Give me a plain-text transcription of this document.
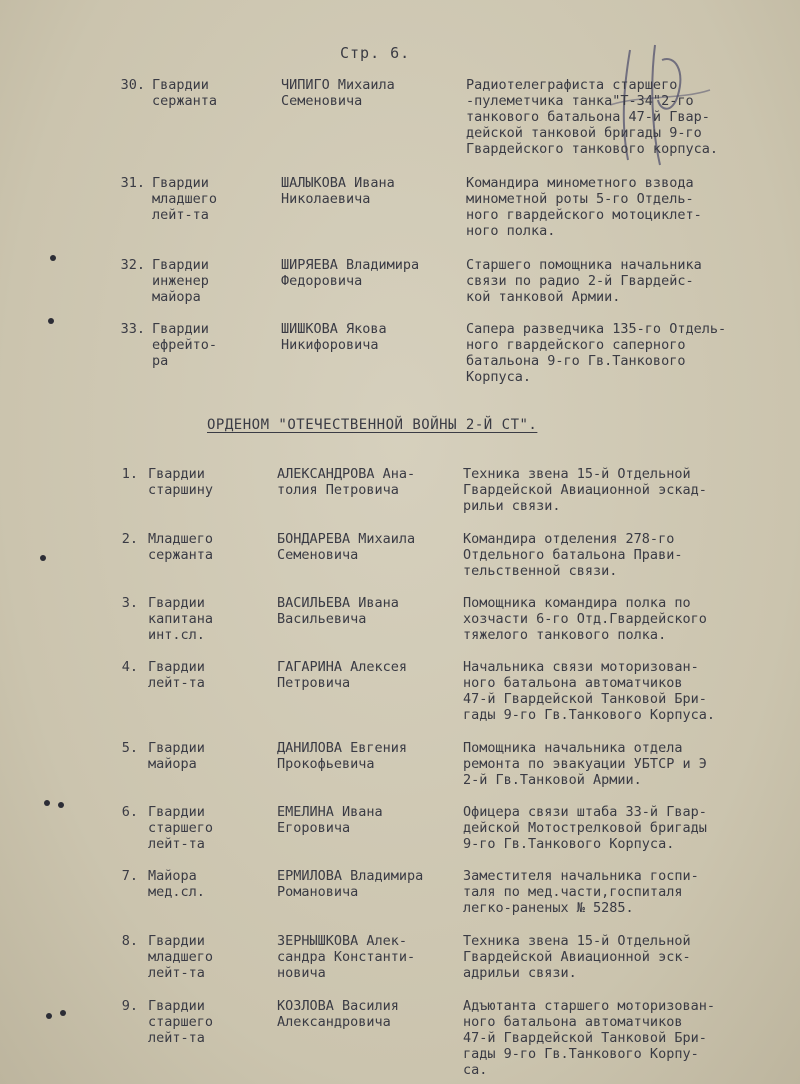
Стр. 6.
30. Гвардии
сержанта
ЧИПИГО Михаила
Семеновича
Радиотелеграфиста старшего
-пулеметчика танка"Т-34"2-го
танкового батальона 47-й Гвар-
дейской танковой бригады 9-го
Гвардейского танкового корпуса.
31. Гвардии
младшего
лейт-та
ШАЛЫКОВА Ивана
Николаевича
Командира минометного взвода
минометной роты 5-го Отдель-
ного гвардейского мотоциклет-
ного полка.
32. Гвардии
инженер
майора
ШИРЯЕВА Владимира
Федоровича
Старшего помощника начальника
связи по радио 2-й Гвардейс-
кой танковой Армии.
33. Гвардии
ефрейто-
ра
ШИШКОВА Якова
Никифоровича
Сапера разведчика 135-го Отдель-
ного гвардейского саперного
батальона 9-го Гв.Танкового
Корпуса.
ОРДЕНОМ "ОТЕЧЕСТВЕННОЙ ВОЙНЫ 2-Й СТ".
1. Гвардии
старшину
АЛЕКСАНДРОВА Ана-
толия Петровича
Техника звена 15-й Отдельной
Гвардейской Авиационной эскад-
рильи связи.
2. Младшего
сержанта
БОНДАРЕВА Михаила
Семеновича
Командира отделения 278-го
Отдельного батальона Прави-
тельственной связи.
3. Гвардии
капитана
инт.сл.
ВАСИЛЬЕВА Ивана
Васильевича
Помощника командира полка по
хозчасти 6-го Отд.Гвардейского
тяжелого танкового полка.
4. Гвардии
лейт-та
ГАГАРИНА Алексея
Петровича
Начальника связи моторизован-
ного батальона автоматчиков
47-й Гвардейской Танковой Бри-
гады 9-го Гв.Танкового Корпуса.
5. Гвардии
майора
ДАНИЛОВА Евгения
Прокофьевича
Помощника начальника отдела
ремонта по эвакуации УБТСР и Э
2-й Гв.Танковой Армии.
6. Гвардии
старшего
лейт-та
ЕМЕЛИНА Ивана
Егоровича
Офицера связи штаба 33-й Гвар-
дейской Мотострелковой бригады
9-го Гв.Танкового Корпуса.
7. Майора
мед.сл.
ЕРМИЛОВА Владимира
Романовича
Заместителя начальника госпи-
таля по мед.части,госпиталя
легко-раненых № 5285.
8. Гвардии
младшего
лейт-та
ЗЕРНЫШКОВА Алек-
сандра Константи-
новича
Техника звена 15-й Отдельной
Гвардейской Авиационной эск-
адрильи связи.
9. Гвардии
старшего
лейт-та
КОЗЛОВА Василия
Александровича
Адъютанта старшего моторизован-
ного батальона автоматчиков
47-й Гвардейской Танковой Бри-
гады 9-го Гв.Танкового Корпу-
са.
